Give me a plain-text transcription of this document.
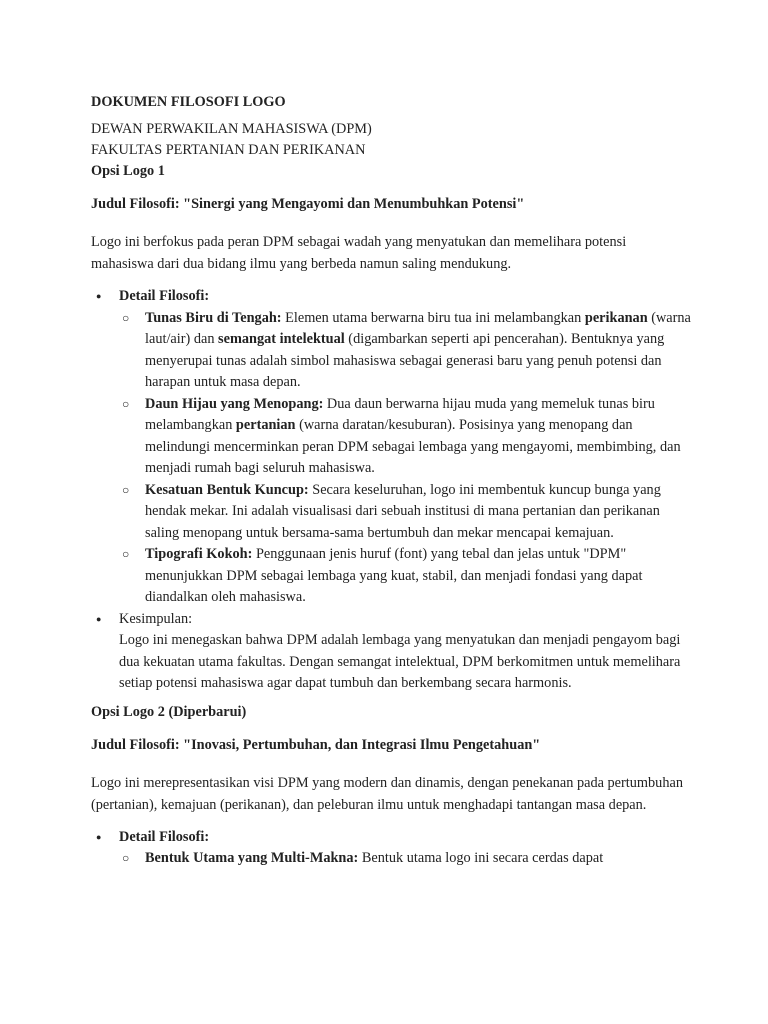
DOKUMEN FILOSOFI LOGO

DEWAN PERWAKILAN MAHASISWA (DPM)

FAKULTAS PERTANIAN DAN PERIKANAN

Opsi Logo 1

Judul Filosofi: "Sinergi yang Mengayomi dan Menumbuhkan Potensi"

Logo ini berfokus pada peran DPM sebagai wadah yang menyatukan dan memelihara potensi mahasiswa dari dua bidang ilmu yang berbeda namun saling mendukung.

● Detail Filosofi:
○ Tunas Biru di Tengah: Elemen utama berwarna biru tua ini melambangkan perikanan (warna laut/air) dan semangat intelektual (digambarkan seperti api pencerahan). Bentuknya yang menyerupai tunas adalah simbol mahasiswa sebagai generasi baru yang penuh potensi dan harapan untuk masa depan.
○ Daun Hijau yang Menopang: Dua daun berwarna hijau muda yang memeluk tunas biru melambangkan pertanian (warna daratan/kesuburan). Posisinya yang menopang dan melindungi mencerminkan peran DPM sebagai lembaga yang mengayomi, membimbing, dan menjadi rumah bagi seluruh mahasiswa.
○ Kesatuan Bentuk Kuncup: Secara keseluruhan, logo ini membentuk kuncup bunga yang hendak mekar. Ini adalah visualisasi dari sebuah institusi di mana pertanian dan perikanan saling menopang untuk bersama-sama bertumbuh dan mekar mencapai kemajuan.
○ Tipografi Kokoh: Penggunaan jenis huruf (font) yang tebal dan jelas untuk "DPM" menunjukkan DPM sebagai lembaga yang kuat, stabil, dan menjadi fondasi yang dapat diandalkan oleh mahasiswa.
● Kesimpulan:
Logo ini menegaskan bahwa DPM adalah lembaga yang menyatukan dan menjadi pengayom bagi dua kekuatan utama fakultas. Dengan semangat intelektual, DPM berkomitmen untuk memelihara setiap potensi mahasiswa agar dapat tumbuh dan berkembang secara harmonis.

Opsi Logo 2 (Diperbarui)

Judul Filosofi: "Inovasi, Pertumbuhan, dan Integrasi Ilmu Pengetahuan"

Logo ini merepresentasikan visi DPM yang modern dan dinamis, dengan penekanan pada pertumbuhan (pertanian), kemajuan (perikanan), dan peleburan ilmu untuk menghadapi tantangan masa depan.

● Detail Filosofi:
○ Bentuk Utama yang Multi-Makna: Bentuk utama logo ini secara cerdas dapat
